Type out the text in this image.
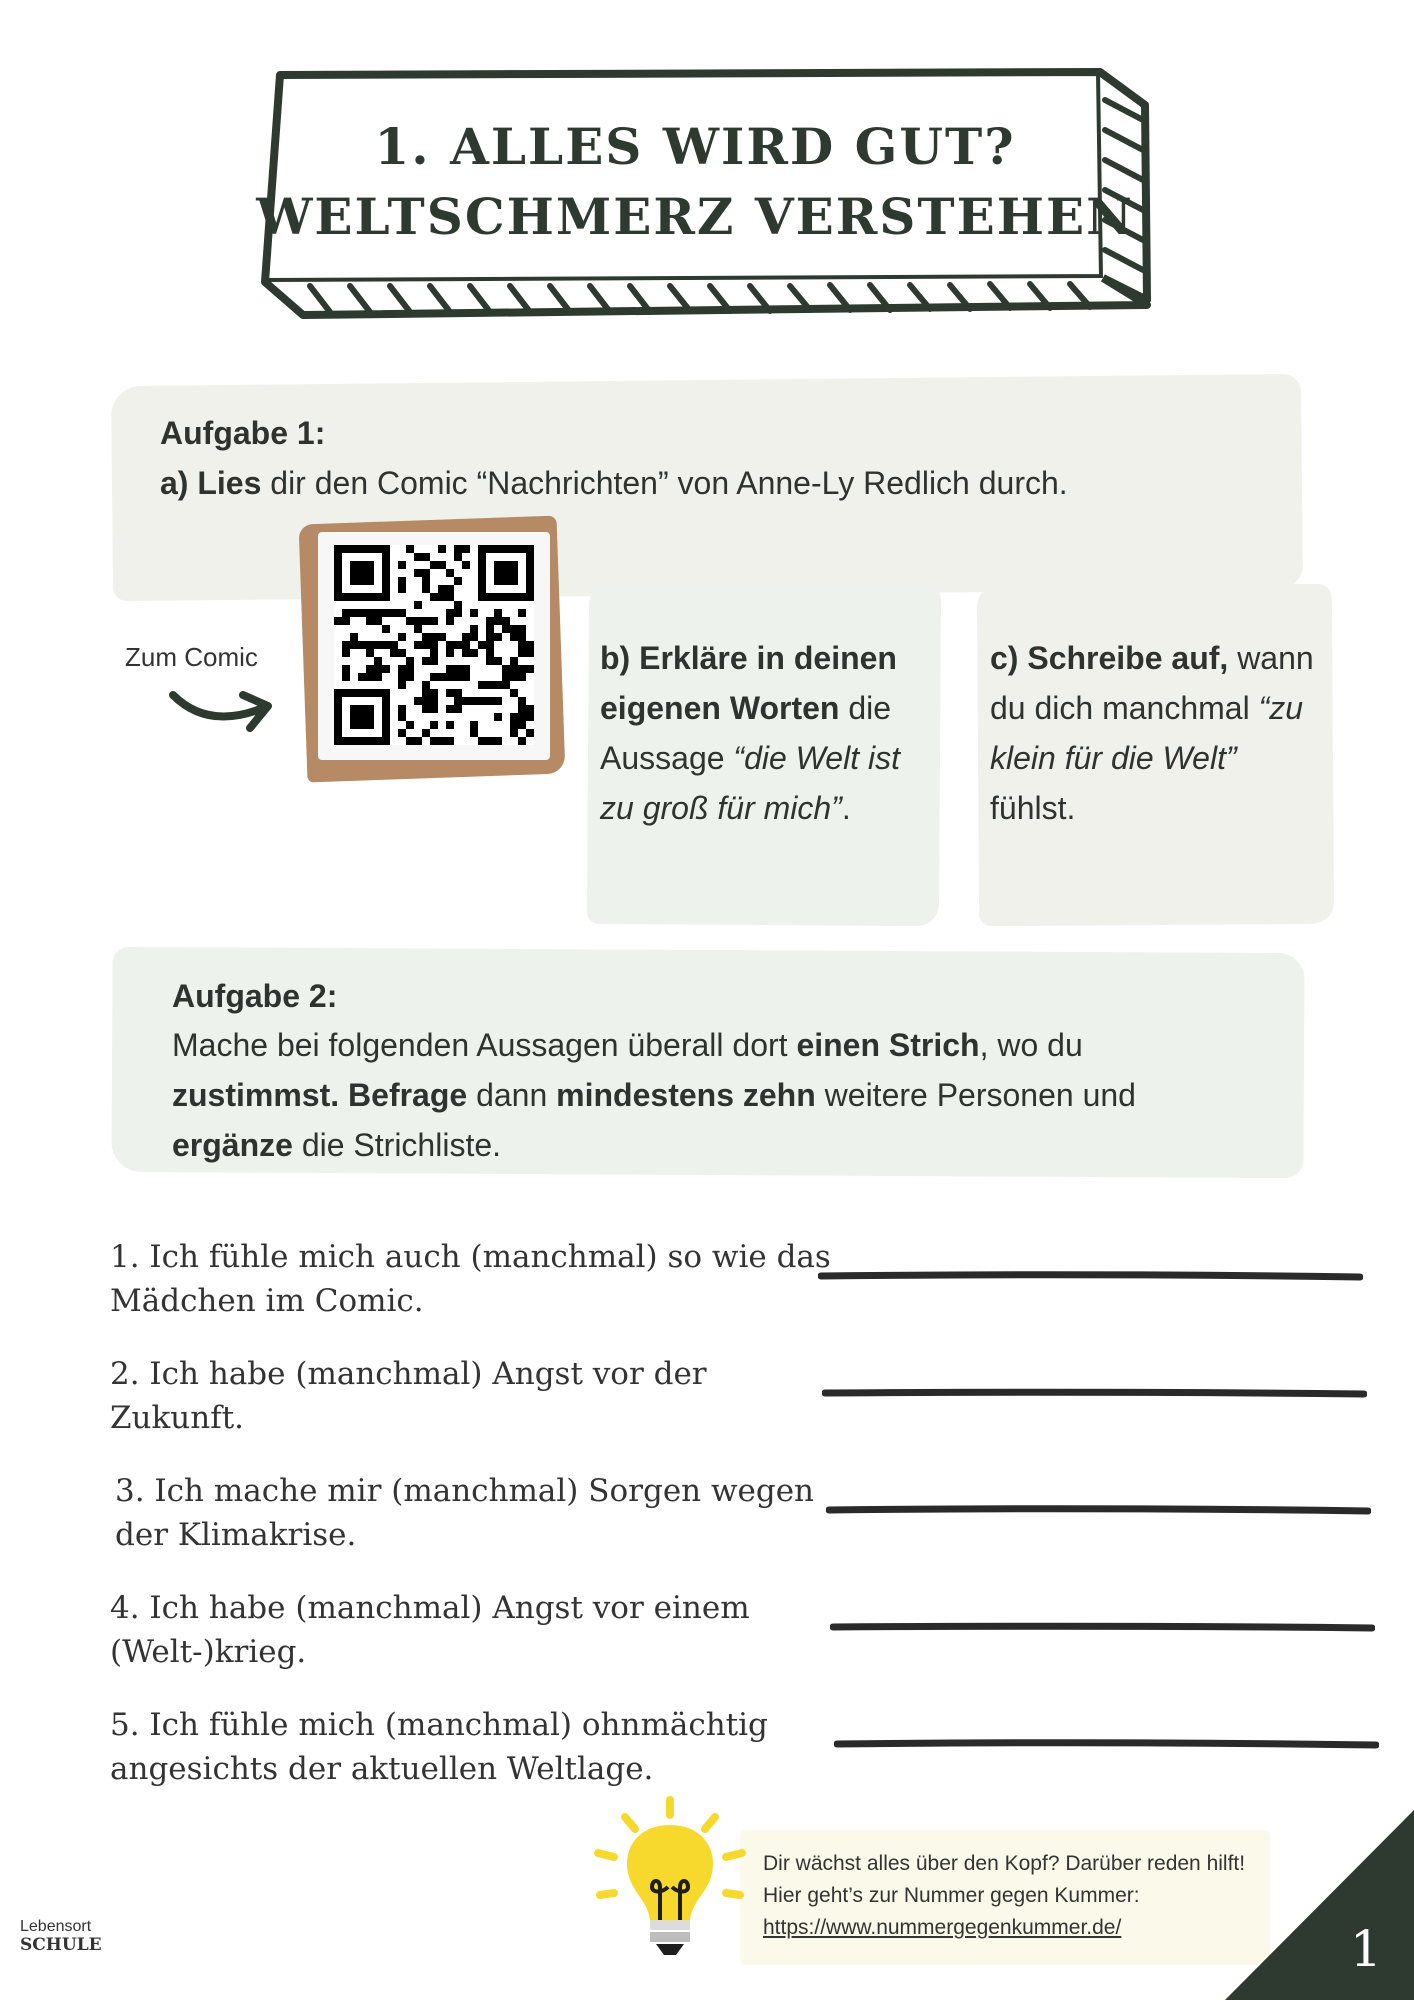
1. ALLES WIRD GUT?
WELTSCHMERZ VERSTEHEN
Aufgabe 1:
a) Lies dir den Comic “Nachrichten” von Anne-Ly Redlich durch.
Zum Comic	b) Erkläre in deinen eigenen Worten die Aussage “die Welt ist zu groß für mich”.
c) Schreibe auf, wann du dich manchmal “zu klein für die Welt” fühlst.
Aufgabe 2:
Mache bei folgenden Aussagen überall dort einen Strich, wo du zustimmst. Befrage dann mindestens zehn weitere Personen und ergänze die Strichliste.
1. Ich fühle mich auch (manchmal) so wie das
Mädchen im Comic.
2. Ich habe (manchmal) Angst vor der
Zukunft.
3. Ich mache mir (manchmal) Sorgen wegen
der Klimakrise.
4. Ich habe (manchmal) Angst vor einem
(Welt-)krieg.
5. Ich fühle mich (manchmal) ohnmächtig
angesichts der aktuellen Weltlage.
Dir wächst alles über den Kopf? Darüber reden hilft! Hier geht’s zur Nummer gegen Kummer:
https://www.nummergegenkummer.de/	1
Lebensort
SCHULE
